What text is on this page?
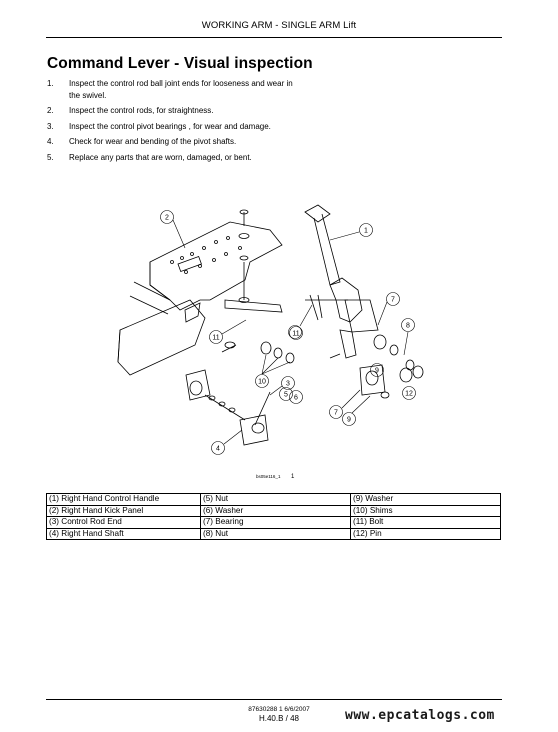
WORKING ARM - SINGLE ARM Lift
Command Lever - Visual inspection
1.	Inspect the control rod ball joint ends for looseness and wear in the swivel.
2.	Inspect the control rods, for straightness.
3.	Inspect the control pivot bearings , for wear and damage.
4.	Check for wear and bending of the pivot shafts.
5.	Replace any parts that are worn, damaged, or bent.
1
2
3
4
5 6
7
7
8
9
9
10
11
11
12
bs05e116_1 1
(1) Right Hand Control Handle	(5) Nut	(9) Washer
(2) Right Hand Kick Panel	(6) Washer	(10) Shims
(3) Control Rod End	(7) Bearing	(11) Bolt
(4) Right Hand Shaft	(8) Nut	(12) Pin
87630288 1 6/6/2007
H.40.B / 48	www.epcatalogs.com
